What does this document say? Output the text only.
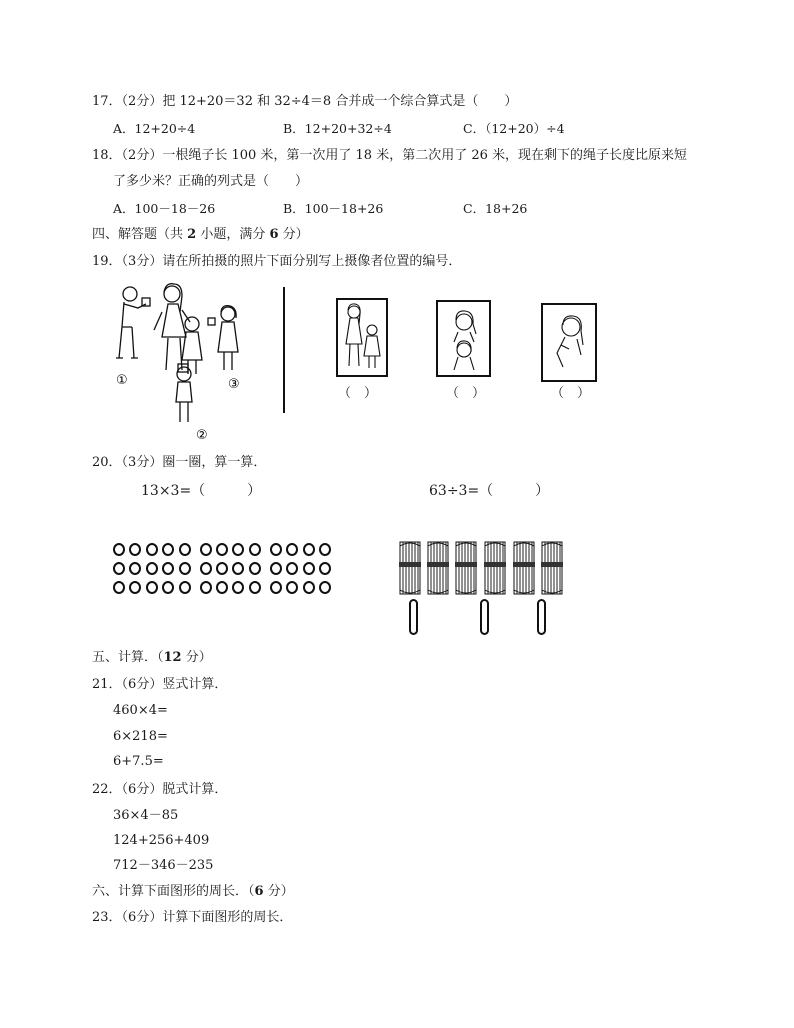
17．（2分）把 12+20＝32 和 32÷4＝8 合并成一个综合算式是（　　）
A．12+20÷4	B．12+20+32÷4	C．（12+20）÷4
18．（2分）一根绳子长 100 米，第一次用了 18 米，第二次用了 26 米，现在剩下的绳子长度比原来短
了多少米？正确的列式是（　　）
A．100－18－26	B．100－18+26	C．18+26
四、解答题（共 2 小题，满分 6 分）
19．（3分）请在所拍摄的照片下面分别写上摄像者位置的编号．
①	③
②
（　）	（　）	（　）
20．（3分）圈一圈，算一算．
13×3=（　　　）	63÷3=（　　　）
五、计算．（12 分）
21．（6分）竖式计算．
460×4=
6×218=
6+7.5=
22．（6分）脱式计算．
36×4－85
124+256+409
712－346－235
六、计算下面图形的周长．（6 分）
23．（6分）计算下面图形的周长．
